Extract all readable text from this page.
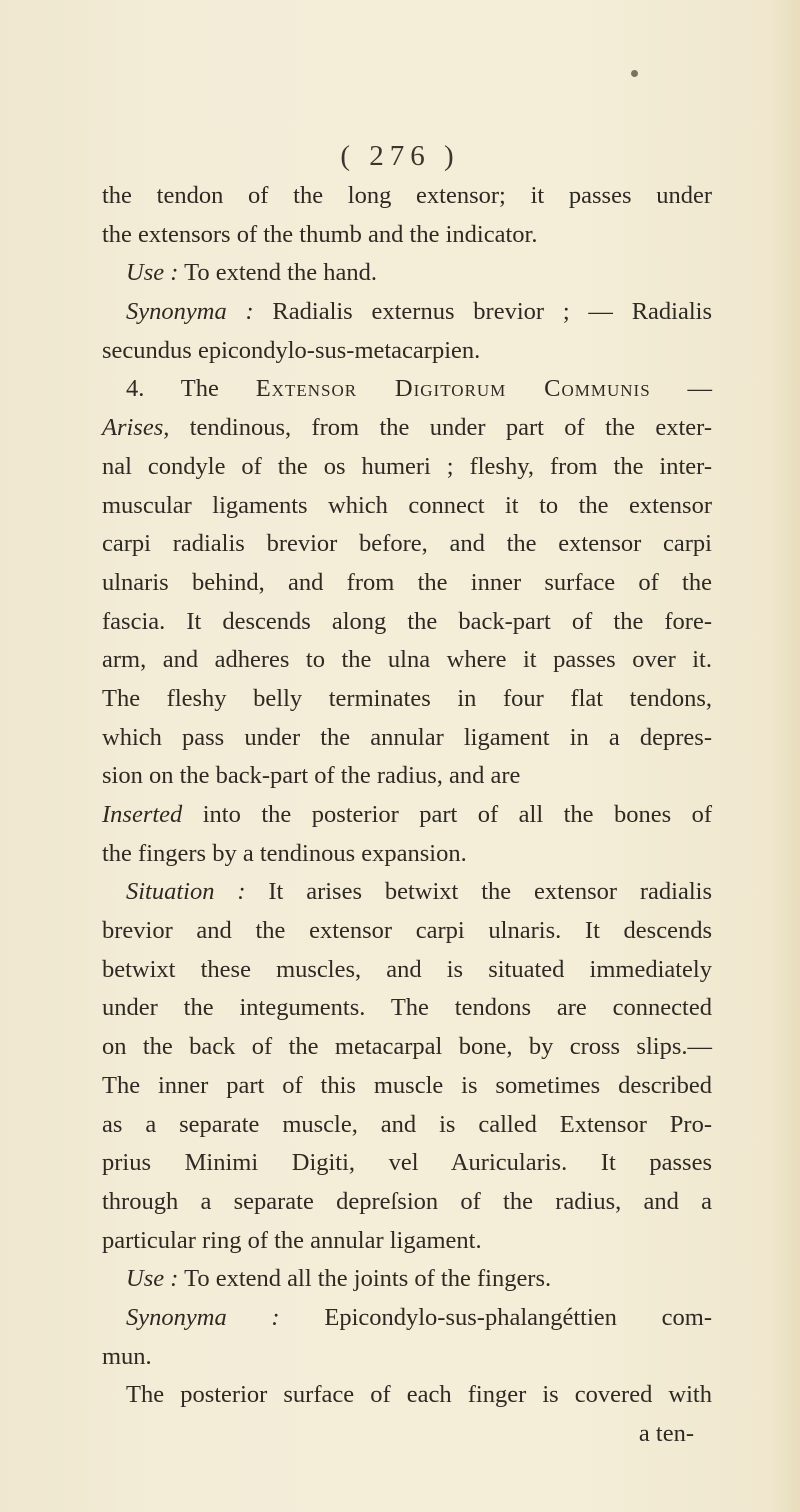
( 276 )
the tendon of the long extensor; it passes under
the extensors of the thumb and the indicator.
Use : To extend the hand.
Synonyma : Radialis externus brevior ; — Radialis
secundus epicondylo-sus-metacarpien.
4. The Extensor Digitorum Communis —
Arises, tendinous, from the under part of the exter-
nal condyle of the os humeri ; fleshy, from the inter-
muscular ligaments which connect it to the extensor
carpi radialis brevior before, and the extensor carpi
ulnaris behind, and from the inner surface of the
fascia. It descends along the back-part of the fore-
arm, and adheres to the ulna where it passes over it.
The fleshy belly terminates in four flat tendons,
which pass under the annular ligament in a depres-
sion on the back-part of the radius, and are
Inserted into the posterior part of all the bones of
the fingers by a tendinous expansion.
Situation : It arises betwixt the extensor radialis
brevior and the extensor carpi ulnaris. It descends
betwixt these muscles, and is situated immediately
under the integuments. The tendons are connected
on the back of the metacarpal bone, by cross slips.—
The inner part of this muscle is sometimes described
as a separate muscle, and is called Extensor Pro-
prius Minimi Digiti, vel Auricularis. It passes
through a separate depreſsion of the radius, and a
particular ring of the annular ligament.
Use : To extend all the joints of the fingers.
Synonyma : Epicondylo-sus-phalangéttien com-
mun.
The posterior surface of each finger is covered with
a ten-
